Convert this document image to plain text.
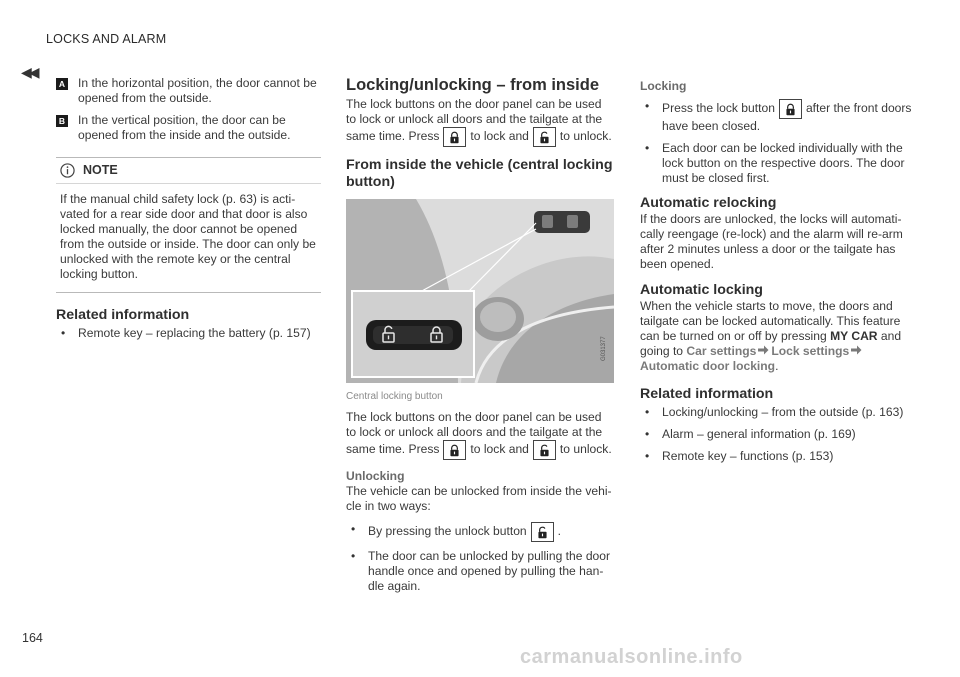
LOCKS AND ALARM
◀◀
164
A In the horizontal position, the door cannot be opened from the outside.

B In the vertical position, the door can be opened from the inside and the outside.

NOTE
If the manual child safety lock (p. 63) is acti-vated for a rear side door and that door is also locked manually, the door cannot be opened from the outside or inside. The door can only be unlocked with the remote key or the central locking button.
Related information
• Remote key – replacing the battery (p. 157)
Locking/unlocking – from inside

The lock buttons on the door panel can be used to lock or unlock all doors and the tailgate at the same time. Press	to lock and	to unlock.

From inside the vehicle (central locking button)
G031377
Central locking button

The lock buttons on the door panel can be used to lock or unlock all doors and the tailgate at the same time. Press	to lock and	to unlock.

Unlocking

The vehicle can be unlocked from inside the vehi-cle in two ways:

• By pressing the unlock button	.
• The door can be unlocked by pulling the door handle once and opened by pulling the han-dle again.
Locking
• Press the lock button	after the front doors have been closed.
• Each door can be locked individually with the lock button on the respective doors. The door must be closed first.
Automatic relocking

If the doors are unlocked, the locks will automati-cally reengage (re-lock) and the alarm will re-arm after 2 minutes unless a door or the tailgate has been opened.

Automatic locking

When the vehicle starts to move, the doors and tailgate can be locked automatically. This feature can be turned on or off by pressing MY CAR and going to Car settings Lock settingsAutomatic door locking.

Related information
• Locking/unlocking – from the outside (p. 163)
• Alarm – general information (p. 169)
• Remote key – functions (p. 153)
carmanualsonline.info
